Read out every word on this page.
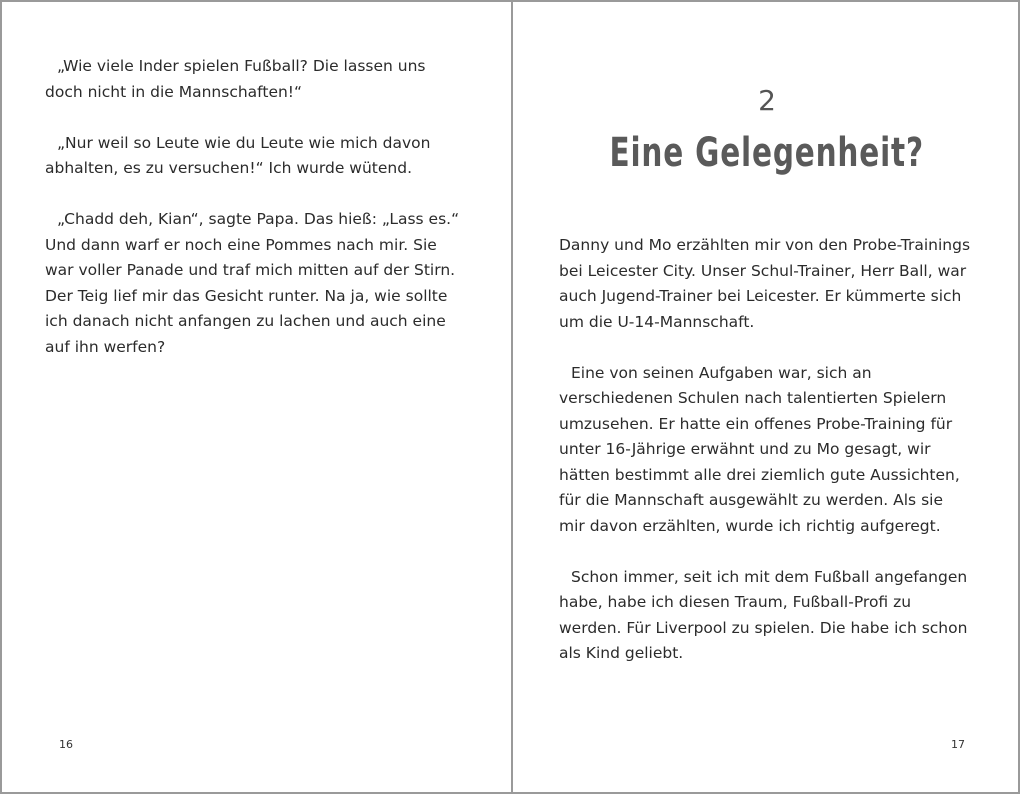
„Wie viele Inder spielen Fußball? Die lassen uns
doch nicht in die Mannschaften!“

„Nur weil so Leute wie du Leute wie mich davon
abhalten, es zu versuchen!“ Ich wurde wütend.

„Chadd deh, Kian“, sagte Papa. Das hieß: „Lass es.“
Und dann warf er noch eine Pommes nach mir. Sie
war voller Panade und traf mich mitten auf der Stirn.
Der Teig lief mir das Gesicht runter. Na ja, wie sollte
ich danach nicht anfangen zu lachen und auch eine
auf ihn werfen?

16
2
Eine Gelegenheit?

Danny und Mo erzählten mir von den Probe-Trainings
bei Leicester City. Unser Schul-Trainer, Herr Ball, war
auch Jugend-Trainer bei Leicester. Er kümmerte sich
um die U-14-Mannschaft.

Eine von seinen Aufgaben war, sich an
verschiedenen Schulen nach talentierten Spielern
umzusehen. Er hatte ein offenes Probe-Training für
unter 16-Jährige erwähnt und zu Mo gesagt, wir
hätten bestimmt alle drei ziemlich gute Aussichten,
für die Mannschaft ausgewählt zu werden. Als sie
mir davon erzählten, wurde ich richtig aufgeregt.

Schon immer, seit ich mit dem Fußball angefangen
habe, habe ich diesen Traum, Fußball-Profi zu
werden. Für Liverpool zu spielen. Die habe ich schon
als Kind geliebt.

17
